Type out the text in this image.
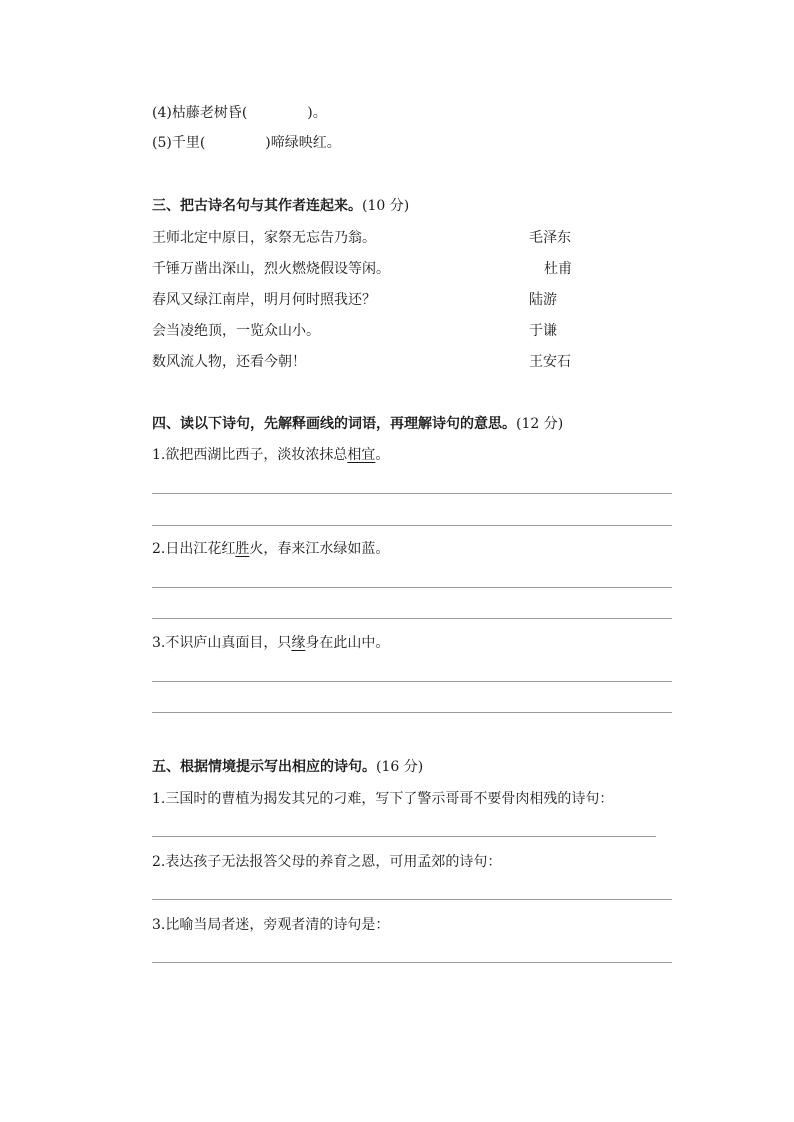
(4)枯藤老树昏(	)。
(5)千里(	)啼绿映红。
三、把古诗名句与其作者连起来。(10 分)
王师北定中原日，家祭无忘告乃翁。
千锤万凿出深山，烈火燃烧假设等闲。
春风又绿江南岸，明月何时照我还？
会当凌绝顶，一览众山小。
数风流人物，还看今朝！
毛泽东
杜甫
陆游
于谦
王安石
四、读以下诗句，先解释画线的词语，再理解诗句的意思。(12 分)
1.欲把西湖比西子，淡妆浓抹总相宜。
2.日出江花红胜火，春来江水绿如蓝。
3.不识庐山真面目，只缘身在此山中。
五、根据情境提示写出相应的诗句。(16 分)
1.三国时的曹植为揭发其兄的刁难，写下了警示哥哥不要骨肉相残的诗句：
2.表达孩子无法报答父母的养育之恩，可用孟郊的诗句：
3.比喻当局者迷，旁观者清的诗句是：
